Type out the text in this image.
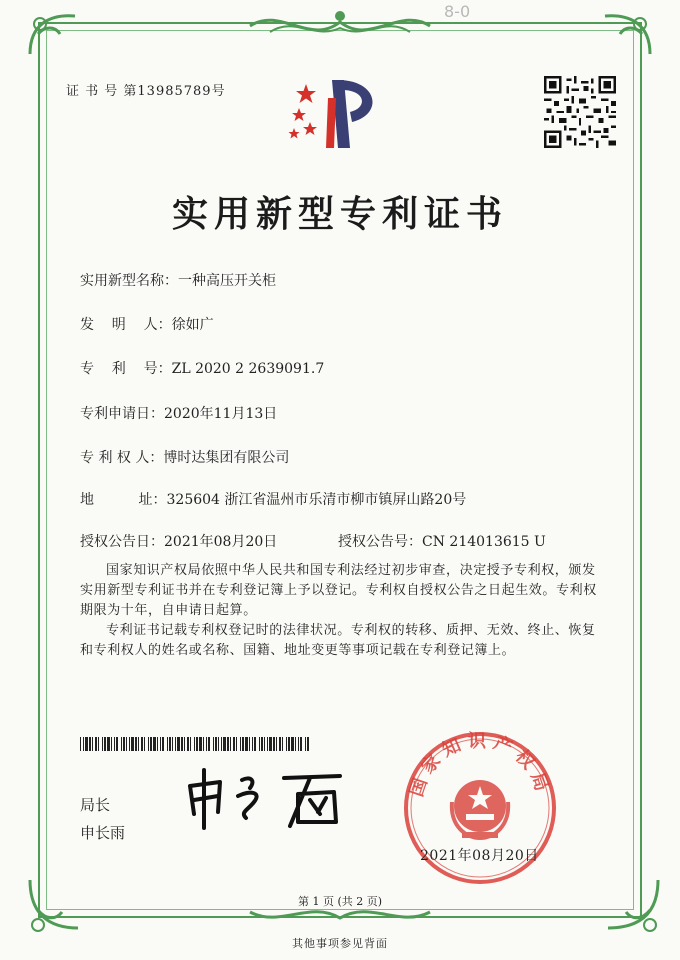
8-0
证 书 号 第13985789号
实用新型专利证书
实用新型名称：一种高压开关柜
发    明    人：徐如广
专    利    号：ZL 2020 2 2639091.7
专利申请日：2020年11月13日
专 利 权 人：博时达集团有限公司
地          址：325604 浙江省温州市乐清市柳市镇屏山路20号
授权公告日：2021年08月20日	授权公告号：CN 214013615 U
国家知识产权局依照中华人民共和国专利法经过初步审查，决定授予专利权，颁发实用新型专利证书并在专利登记簿上予以登记。专利权自授权公告之日起生效。专利权期限为十年，自申请日起算。
专利证书记载专利权登记时的法律状况。专利权的转移、质押、无效、终止、恢复和专利权人的姓名或名称、国籍、地址变更等事项记载在专利登记簿上。
局长
申长雨
国家知识产权局
2021年08月20日
第 1 页 (共 2 页)
其他事项参见背面
